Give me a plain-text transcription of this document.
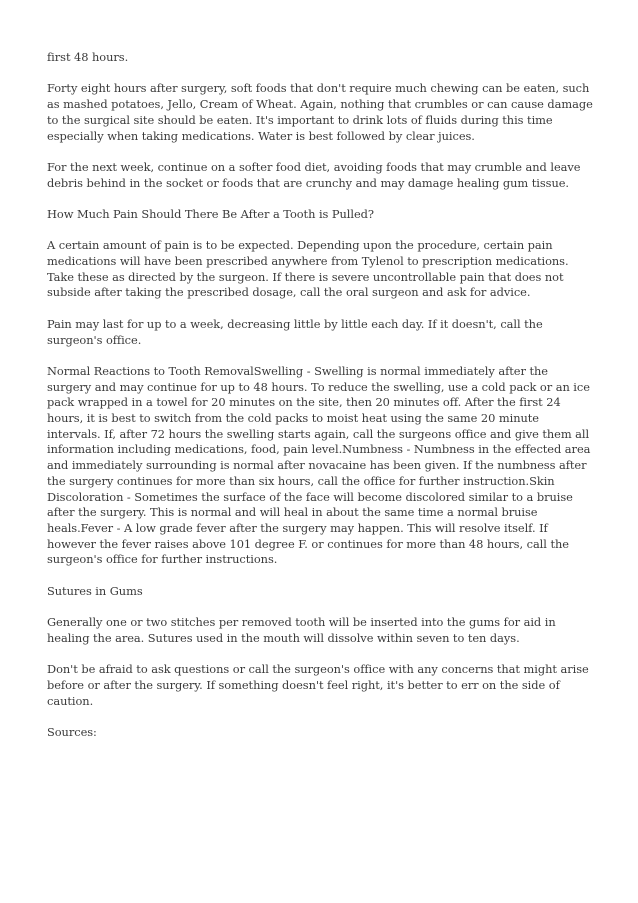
first 48 hours.

Forty eight hours after surgery, soft foods that don't require much chewing can be eaten, such as mashed potatoes, Jello, Cream of Wheat. Again, nothing that crumbles or can cause damage to the surgical site should be eaten. It's important to drink lots of fluids during this time especially when taking medications. Water is best followed by clear juices.

For the next week, continue on a softer food diet, avoiding foods that may crumble and leave debris behind in the socket or foods that are crunchy and may damage healing gum tissue.

How Much Pain Should There Be After a Tooth is Pulled?

A certain amount of pain is to be expected. Depending upon the procedure, certain pain medications will have been prescribed anywhere from Tylenol to prescription medications. Take these as directed by the surgeon. If there is severe uncontrollable pain that does not subside after taking the prescribed dosage, call the oral surgeon and ask for advice.

Pain may last for up to a week, decreasing little by little each day. If it doesn't, call the surgeon's office.

Normal Reactions to Tooth RemovalSwelling - Swelling is normal immediately after the surgery and may continue for up to 48 hours. To reduce the swelling, use a cold pack or an ice pack wrapped in a towel for 20 minutes on the site, then 20 minutes off. After the first 24 hours, it is best to switch from the cold packs to moist heat using the same 20 minute intervals. If, after 72 hours the swelling starts again, call the surgeons office and give them all information including medications, food, pain level.Numbness - Numbness in the effected area and immediately surrounding is normal after novacaine has been given. If the numbness after the surgery continues for more than six hours, call the office for further instruction.Skin Discoloration - Sometimes the surface of the face will become discolored similar to a bruise after the surgery. This is normal and will heal in about the same time a normal bruise heals.Fever - A low grade fever after the surgery may happen. This will resolve itself. If however the fever raises above 101 degree F. or continues for more than 48 hours, call the surgeon's office for further instructions.

Sutures in Gums

Generally one or two stitches per removed tooth will be inserted into the gums for aid in healing the area. Sutures used in the mouth will dissolve within seven to ten days.

Don't be afraid to ask questions or call the surgeon's office with any concerns that might arise before or after the surgery. If something doesn't feel right, it's better to err on the side of caution.

Sources:
